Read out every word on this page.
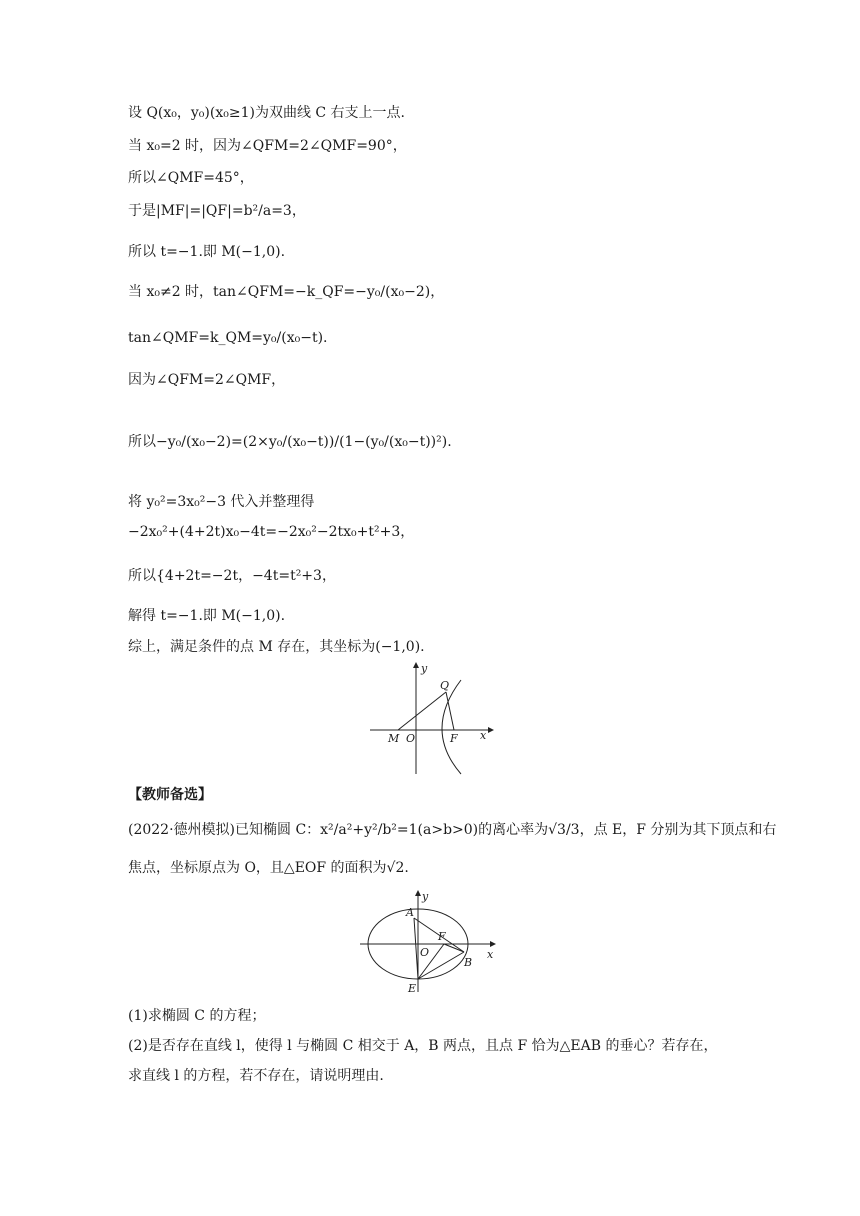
设 Q(x₀，y₀)(x₀≥1)为双曲线 C 右支上一点.
当 x₀=2 时，因为∠QFM=2∠QMF=90°，
所以∠QMF=45°，
于是|MF|=|QF|=b²/a=3，
所以 t=−1.即 M(−1,0).
当 x₀≠2 时，tan∠QFM=−k_QF=−y₀/(x₀−2)，
tan∠QMF=k_QM=y₀/(x₀−t).
因为∠QFM=2∠QMF，
所以−y₀/(x₀−2)=(2×y₀/(x₀−t))/(1−(y₀/(x₀−t))²).
将 y₀²=3x₀²−3 代入并整理得
−2x₀²+(4+2t)x₀−4t=−2x₀²−2tx₀+t²+3，
所以{4+2t=−2t，−4t=t²+3，
解得 t=−1.即 M(−1,0).
综上，满足条件的点 M 存在，其坐标为(−1,0).
y
Q
M O	F x
【教师备选】
(2022·德州模拟)已知椭圆 C：x²/a²+y²/b²=1(a>b>0)的离心率为√3/3，点 E，F 分别为其下顶点和右
焦点，坐标原点为 O，且△EOF 的面积为√2.
y
A
F
O
B
x
E
(1)求椭圆 C 的方程；
(2)是否存在直线 l，使得 l 与椭圆 C 相交于 A，B 两点，且点 F 恰为△EAB 的垂心？若存在，
求直线 l 的方程，若不存在，请说明理由.
